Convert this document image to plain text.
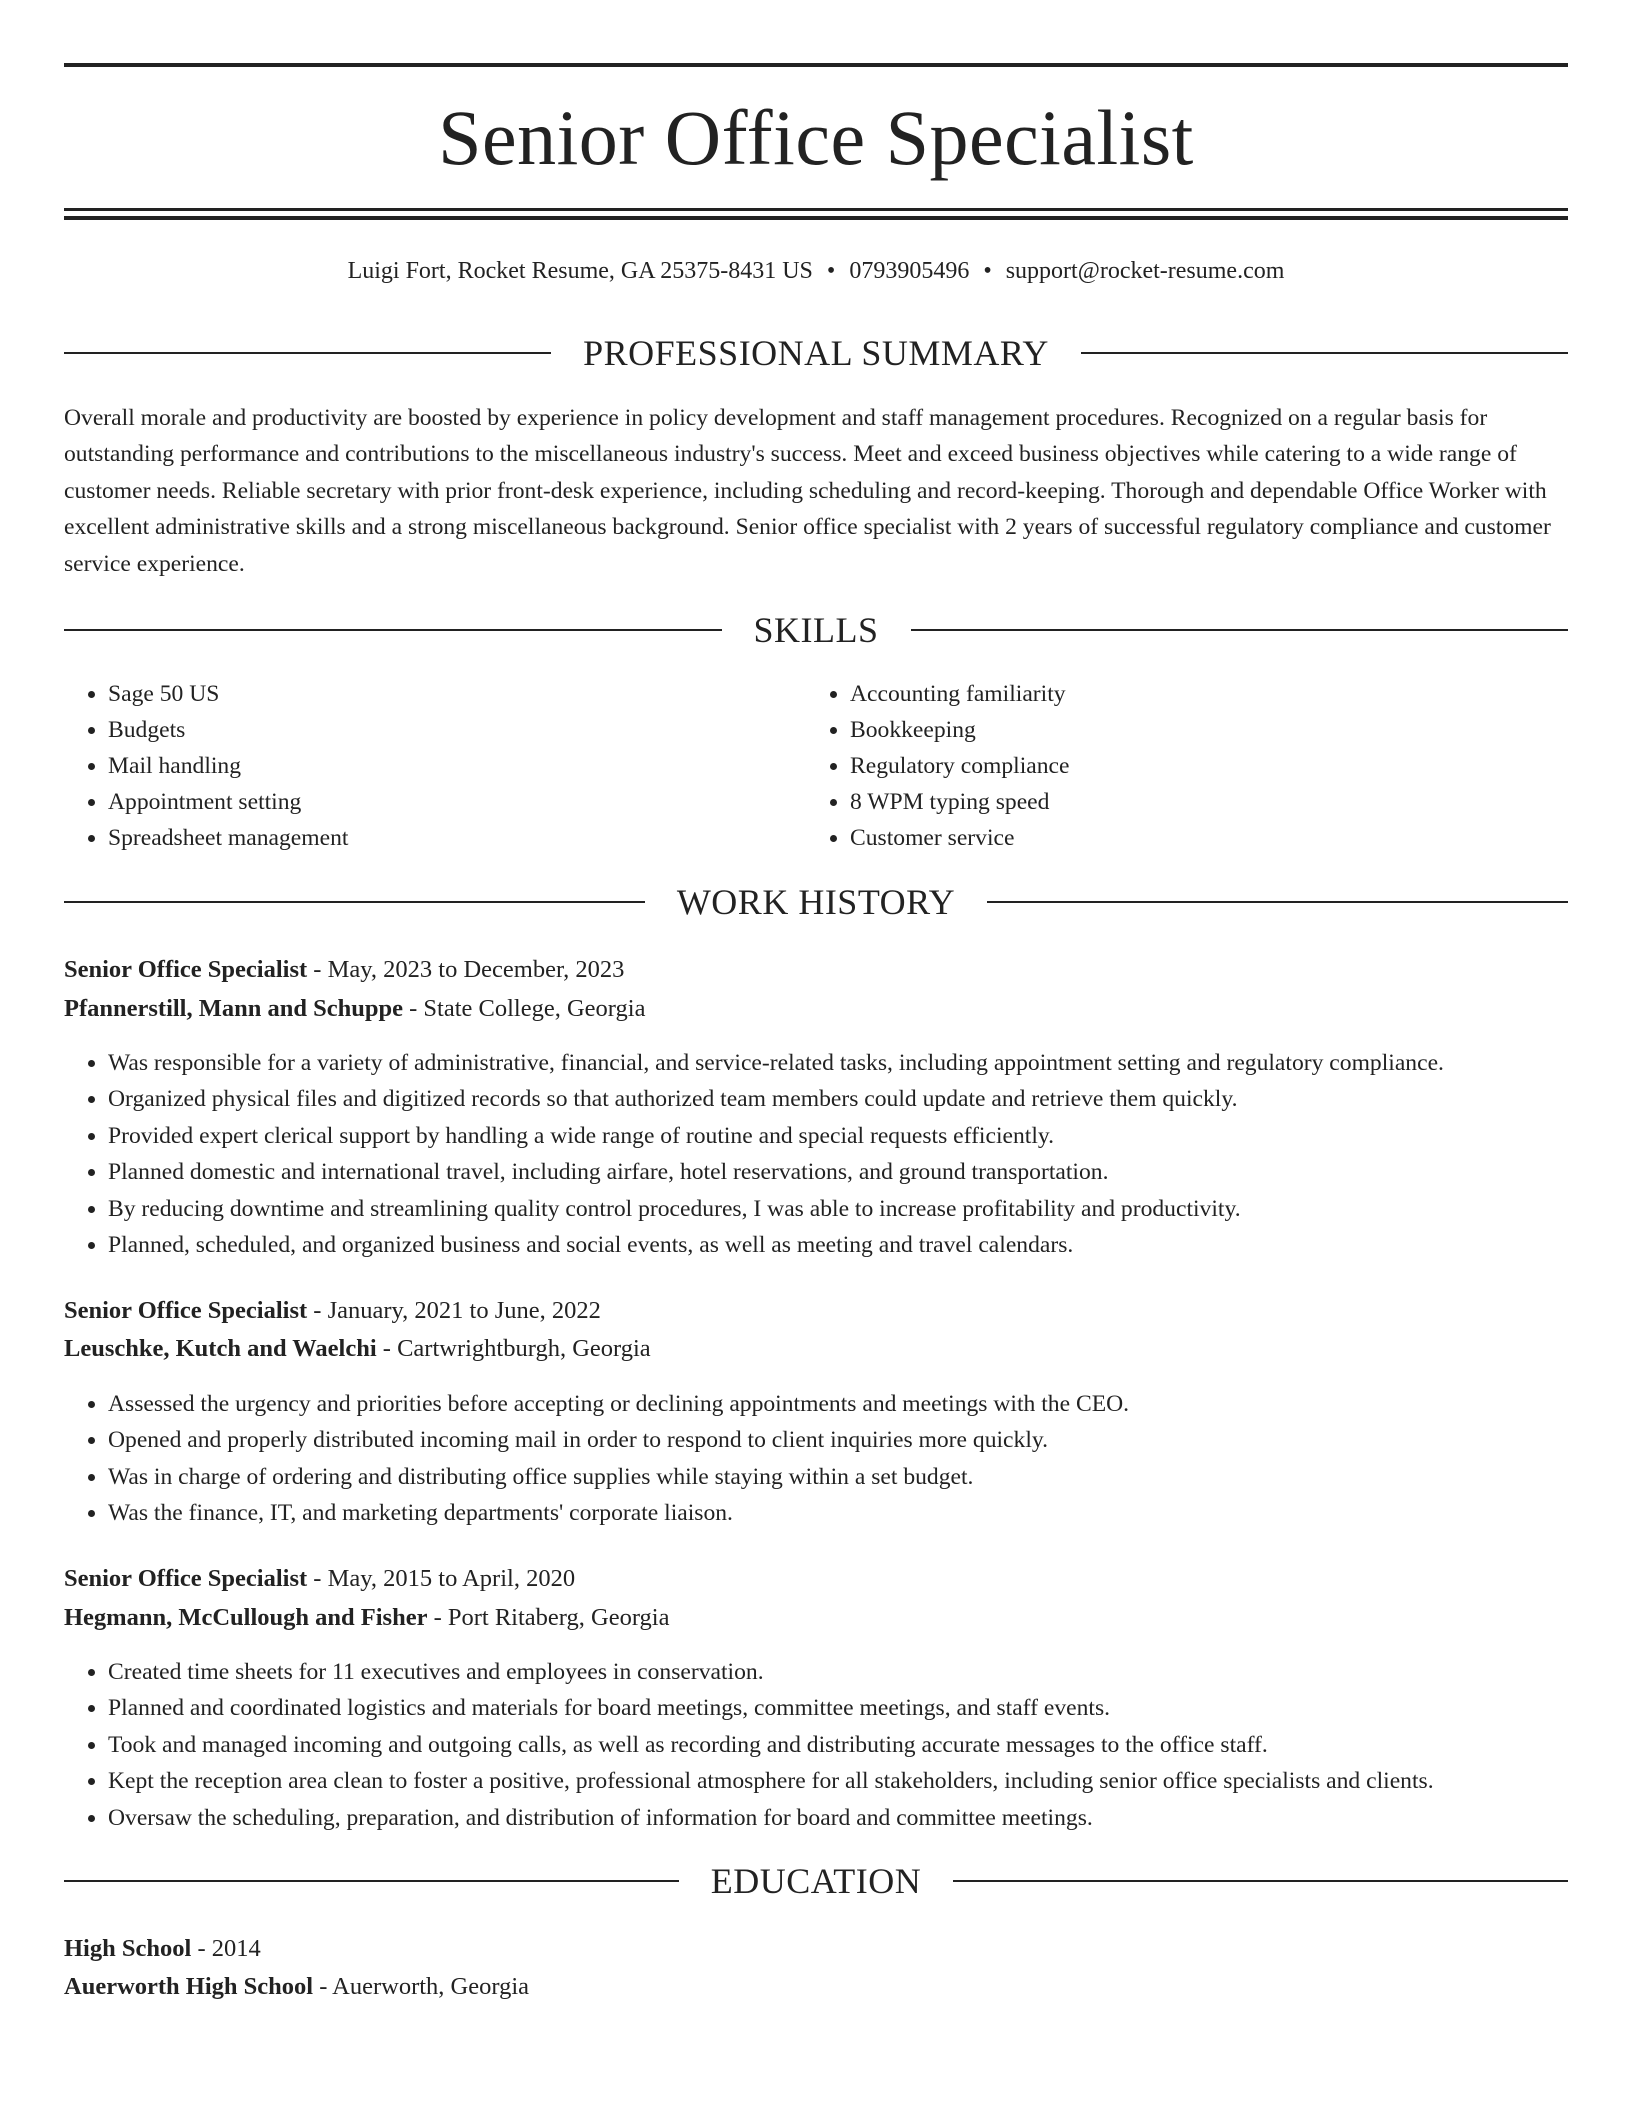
Senior Office Specialist
Luigi Fort, Rocket Resume, GA 25375-8431 US • 0793905496 • support@rocket-resume.com
PROFESSIONAL SUMMARY

Overall morale and productivity are boosted by experience in policy development and staff management procedures. Recognized on a regular basis for outstanding performance and contributions to the miscellaneous industry's success. Meet and exceed business objectives while catering to a wide range of customer needs. Reliable secretary with prior front-desk experience, including scheduling and record-keeping. Thorough and dependable Office Worker with excellent administrative skills and a strong miscellaneous background. Senior office specialist with 2 years of successful regulatory compliance and customer service experience.

SKILLS
• Sage 50 US
• Budgets
• Mail handling
• Appointment setting
• Spreadsheet management
• Accounting familiarity
• Bookkeeping
• Regulatory compliance
• 8 WPM typing speed
• Customer service
WORK HISTORY
Senior Office Specialist - May, 2023 to December, 2023
Pfannerstill, Mann and Schuppe - State College, Georgia
• Was responsible for a variety of administrative, financial, and service-related tasks, including appointment setting and regulatory compliance.
• Organized physical files and digitized records so that authorized team members could update and retrieve them quickly.
• Provided expert clerical support by handling a wide range of routine and special requests efficiently.
• Planned domestic and international travel, including airfare, hotel reservations, and ground transportation.
• By reducing downtime and streamlining quality control procedures, I was able to increase profitability and productivity.
• Planned, scheduled, and organized business and social events, as well as meeting and travel calendars.
Senior Office Specialist - January, 2021 to June, 2022
Leuschke, Kutch and Waelchi - Cartwrightburgh, Georgia
• Assessed the urgency and priorities before accepting or declining appointments and meetings with the CEO.
• Opened and properly distributed incoming mail in order to respond to client inquiries more quickly.
• Was in charge of ordering and distributing office supplies while staying within a set budget.
• Was the finance, IT, and marketing departments' corporate liaison.
Senior Office Specialist - May, 2015 to April, 2020
Hegmann, McCullough and Fisher - Port Ritaberg, Georgia
• Created time sheets for 11 executives and employees in conservation.
• Planned and coordinated logistics and materials for board meetings, committee meetings, and staff events.
• Took and managed incoming and outgoing calls, as well as recording and distributing accurate messages to the office staff.
• Kept the reception area clean to foster a positive, professional atmosphere for all stakeholders, including senior office specialists and clients.
• Oversaw the scheduling, preparation, and distribution of information for board and committee meetings.
EDUCATION
High School - 2014
Auerworth High School - Auerworth, Georgia
